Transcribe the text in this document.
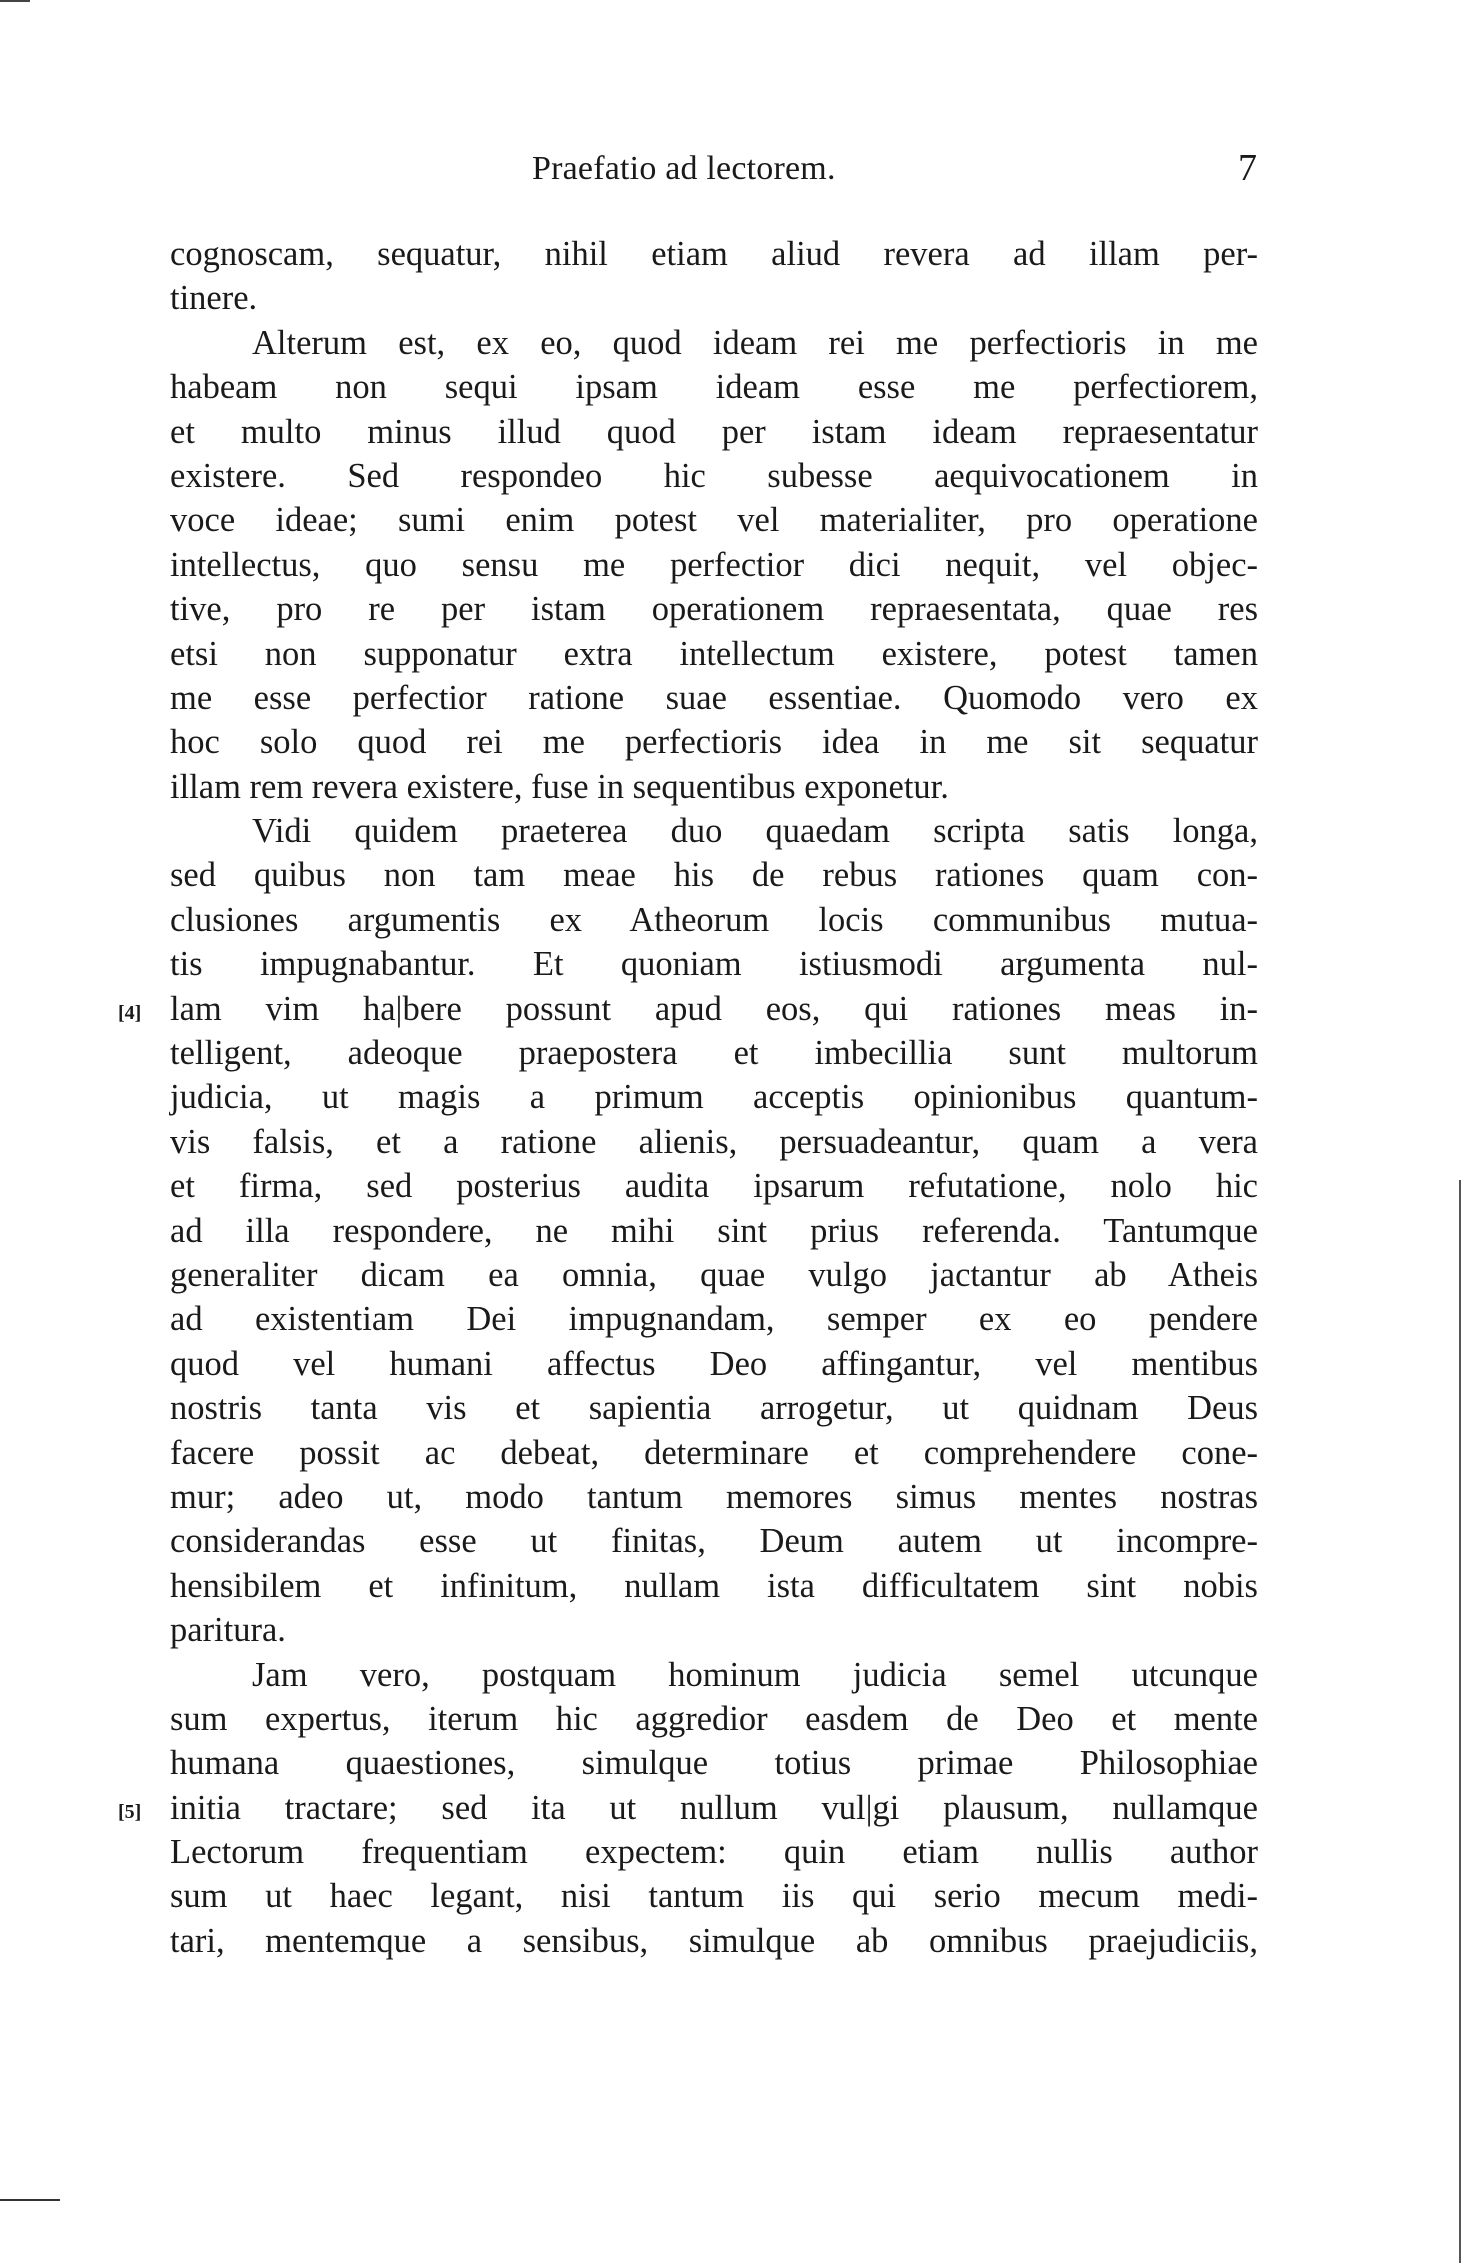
Praefatio ad lectorem.	7
cognoscam, sequatur, nihil etiam aliud revera ad illam per-
tinere.
Alterum est, ex eo, quod ideam rei me perfectioris in me
habeam non sequi ipsam ideam esse me perfectiorem,
et multo minus illud quod per istam ideam repraesentatur
existere. Sed respondeo hic subesse aequivocationem in
voce ideae; sumi enim potest vel materialiter, pro operatione
intellectus, quo sensu me perfectior dici nequit, vel objec-
tive, pro re per istam operationem repraesentata, quae res
etsi non supponatur extra intellectum existere, potest tamen
me esse perfectior ratione suae essentiae. Quomodo vero ex
hoc solo quod rei me perfectioris idea in me sit sequatur
illam rem revera existere, fuse in sequentibus exponetur.
Vidi quidem praeterea duo quaedam scripta satis longa,
sed quibus non tam meae his de rebus rationes quam con-
clusiones argumentis ex Atheorum locis communibus mutua-
tis impugnabantur. Et quoniam istiusmodi argumenta nul-
[4] lam vim ha|bere possunt apud eos, qui rationes meas in-
telligent, adeoque praepostera et imbecillia sunt multorum
judicia, ut magis a primum acceptis opinionibus quantum-
vis falsis, et a ratione alienis, persuadeantur, quam a vera
et firma, sed posterius audita ipsarum refutatione, nolo hic
ad illa respondere, ne mihi sint prius referenda. Tantumque
generaliter dicam ea omnia, quae vulgo jactantur ab Atheis
ad existentiam Dei impugnandam, semper ex eo pendere
quod vel humani affectus Deo affingantur, vel mentibus
nostris tanta vis et sapientia arrogetur, ut quidnam Deus
facere possit ac debeat, determinare et comprehendere cone-
mur; adeo ut, modo tantum memores simus mentes nostras
considerandas esse ut finitas, Deum autem ut incompre-
hensibilem et infinitum, nullam ista difficultatem sint nobis
paritura.
Jam vero, postquam hominum judicia semel utcunque
sum expertus, iterum hic aggredior easdem de Deo et mente
humana quaestiones, simulque totius primae Philosophiae
[5] initia tractare; sed ita ut nullum vul|gi plausum, nullamque
Lectorum frequentiam expectem: quin etiam nullis author
sum ut haec legant, nisi tantum iis qui serio mecum medi-
tari, mentemque a sensibus, simulque ab omnibus praejudiciis,
